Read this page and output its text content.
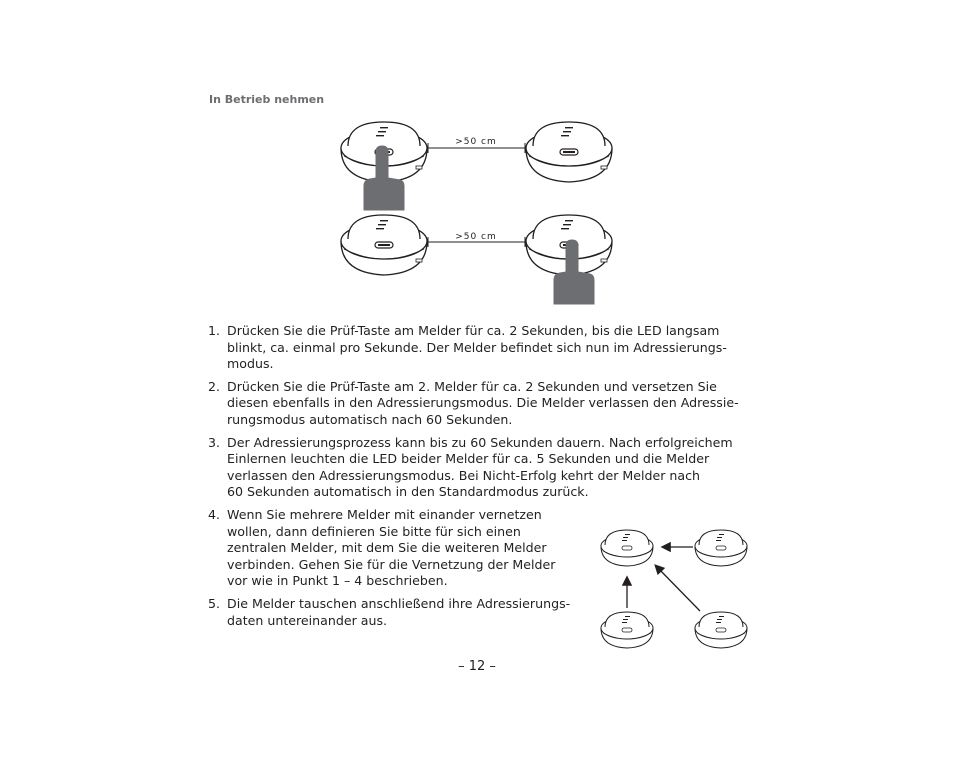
In Betrieb nehmen
>50 cm
>50 cm
1. Drücken Sie die Prüf-Taste am Melder für ca. 2 Sekunden, bis die LED langsam
blinkt, ca. einmal pro Sekunde. Der Melder befindet sich nun im Adressierungs-
modus.
2. Drücken Sie die Prüf-Taste am 2. Melder für ca. 2 Sekunden und versetzen Sie
diesen ebenfalls in den Adressierungsmodus. Die Melder verlassen den Adressie-
rungsmodus automatisch nach 60 Sekunden.
3. Der Adressierungsprozess kann bis zu 60 Sekunden dauern. Nach erfolgreichem
Einlernen leuchten die LED beider Melder für ca. 5 Sekunden und die Melder
verlassen den Adressierungsmodus. Bei Nicht-Erfolg kehrt der Melder nach
60 Sekunden automatisch in den Standardmodus zurück.
4. Wenn Sie mehrere Melder mit einander vernetzen
wollen, dann definieren Sie bitte für sich einen
zentralen Melder, mit dem Sie die weiteren Melder
verbinden. Gehen Sie für die Vernetzung der Melder
vor wie in Punkt 1 – 4 beschrieben.
5. Die Melder tauschen anschließend ihre Adressierungs-
daten untereinander aus.
– 12 –
